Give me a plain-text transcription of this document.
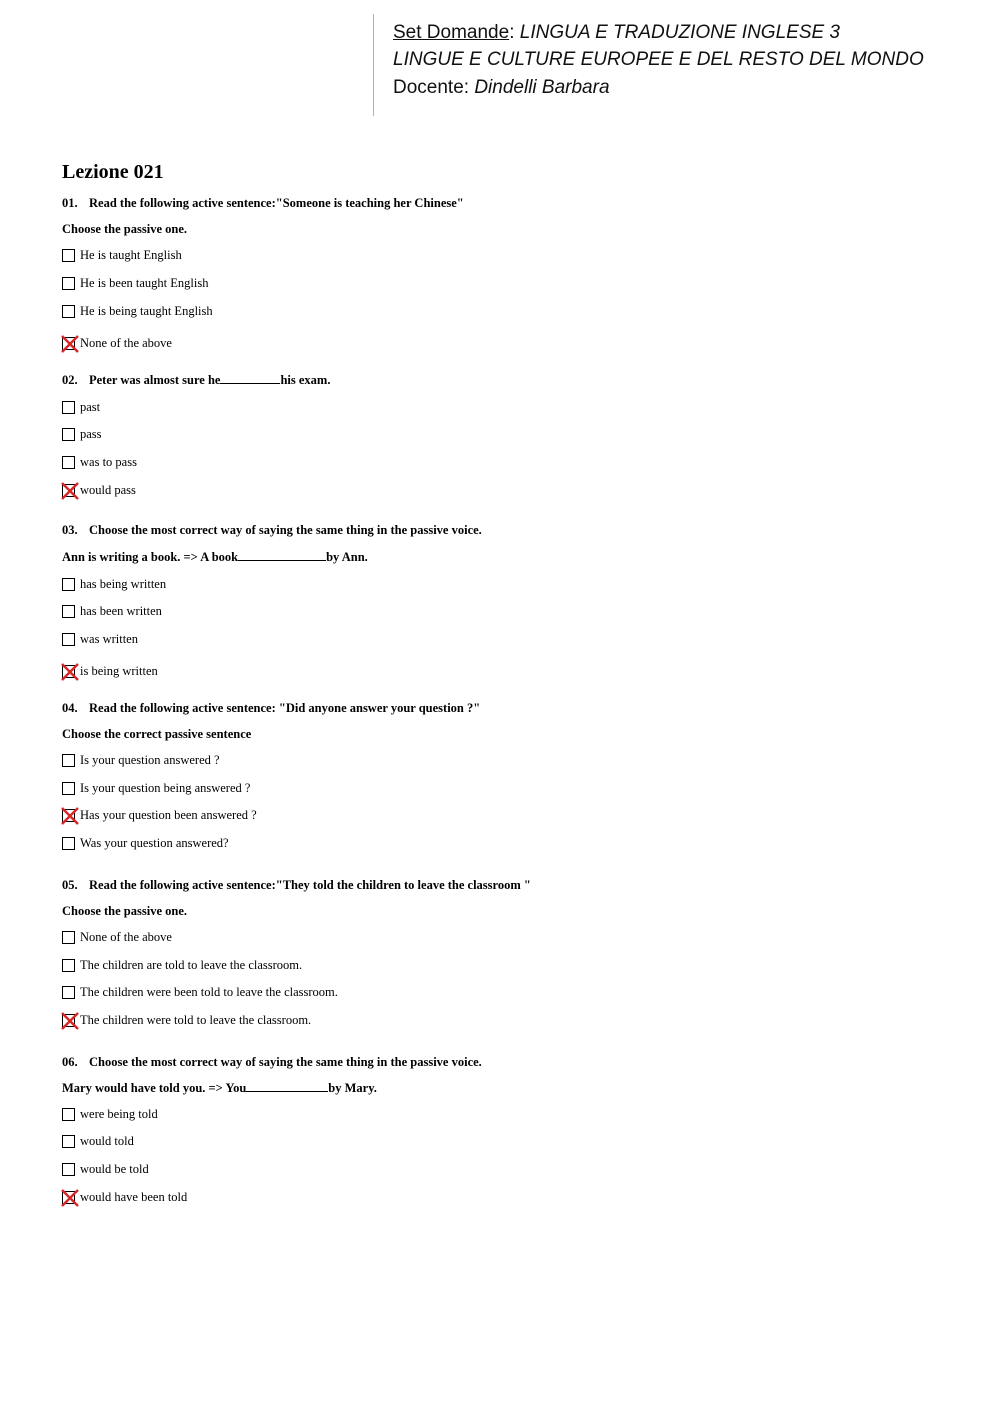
Set Domande: LINGUA E TRADUZIONE INGLESE 3
LINGUE E CULTURE EUROPEE E DEL RESTO DEL MONDO
Docente: Dindelli Barbara
Lezione 021
01. Read the following active sentence:"Someone is teaching her Chinese"
Choose the passive one.
He is taught English
He is been taught English
He is being taught English
None of the above
02. Peter was almost sure he	his exam.
past
pass
was to pass
would pass
03. Choose the most correct way of saying the same thing in the passive voice.
Ann is writing a book. => A book	by Ann.
has being written
has been written
was written
is being written
04. Read the following active sentence: "Did anyone answer your question ?"
Choose the correct passive sentence
Is your question answered ?
Is your question being answered ?
Has your question been answered ?
Was your question answered?
05. Read the following active sentence:"They told the children to leave the classroom "
Choose the passive one.
None of the above
The children are told to leave the classroom.
The children were been told to leave the classroom.
The children were told to leave the classroom.
06. Choose the most correct way of saying the same thing in the passive voice.
Mary would have told you. => You	by Mary.
were being told
would told
would be told
would have been told
